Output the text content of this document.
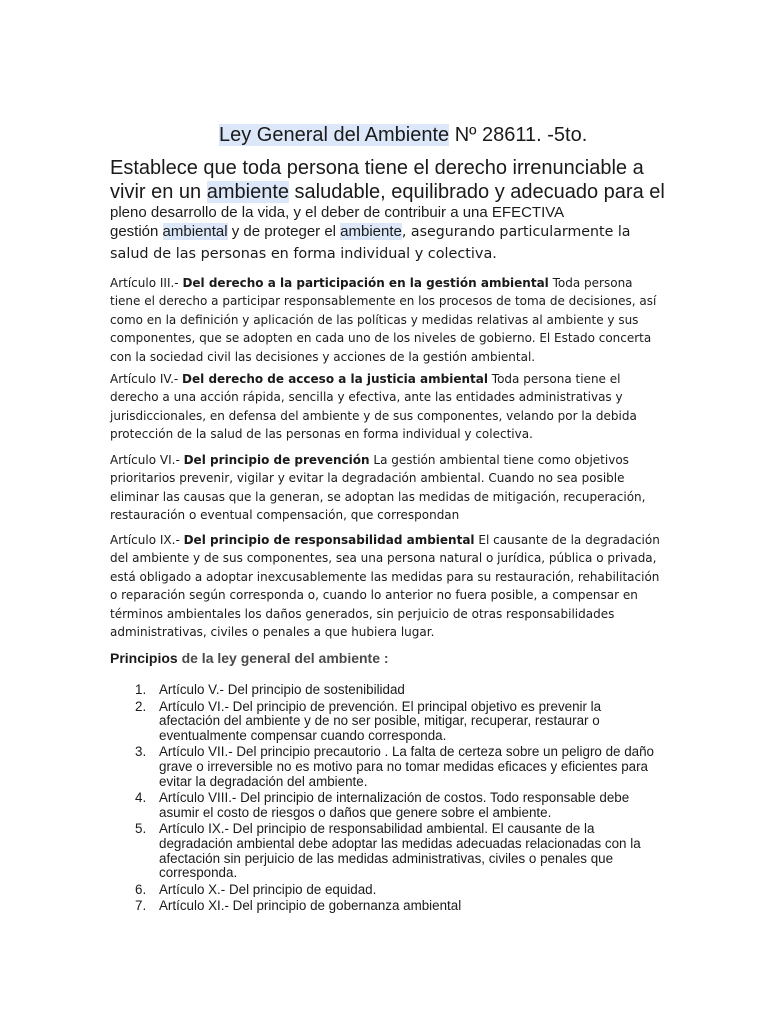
Ley General del Ambiente Nº 28611. -5to.
Establece que toda persona tiene el derecho irrenunciable a
vivir en un ambiente saludable, equilibrado y adecuado para el
pleno desarrollo de la vida, y el deber de contribuir a una EFECTIVA
gestión ambiental y de proteger el ambiente, asegurando particularmente la
salud de las personas en forma individual y colectiva.
Artículo III.- Del derecho a la participación en la gestión ambiental Toda persona tiene el derecho a participar responsablemente en los procesos de toma de decisiones, así como en la definición y aplicación de las políticas y medidas relativas al ambiente y sus componentes, que se adopten en cada uno de los niveles de gobierno. El Estado concerta con la sociedad civil las decisiones y acciones de la gestión ambiental.
Artículo IV.- Del derecho de acceso a la justicia ambiental Toda persona tiene el derecho a una acción rápida, sencilla y efectiva, ante las entidades administrativas y jurisdiccionales, en defensa del ambiente y de sus componentes, velando por la debida protección de la salud de las personas en forma individual y colectiva.
Artículo VI.- Del principio de prevención La gestión ambiental tiene como objetivos prioritarios prevenir, vigilar y evitar la degradación ambiental. Cuando no sea posible eliminar las causas que la generan, se adoptan las medidas de mitigación, recuperación, restauración o eventual compensación, que correspondan
Artículo IX.- Del principio de responsabilidad ambiental El causante de la degradación del ambiente y de sus componentes, sea una persona natural o jurídica, pública o privada, está obligado a adoptar inexcusablemente las medidas para su restauración, rehabilitación o reparación según corresponda o, cuando lo anterior no fuera posible, a compensar en términos ambientales los daños generados, sin perjuicio de otras responsabilidades administrativas, civiles o penales a que hubiera lugar.
Principios de la ley general del ambiente :
1. Artículo V.- Del principio de sostenibilidad
2. Artículo VI.- Del principio de prevención. El principal objetivo es prevenir la afectación del ambiente y de no ser posible, mitigar, recuperar, restaurar o eventualmente compensar cuando corresponda.
3. Artículo VII.- Del principio precautorio . La falta de certeza sobre un peligro de daño grave o irreversible no es motivo para no tomar medidas eficaces y eficientes para evitar la degradación del ambiente.
4. Artículo VIII.- Del principio de internalización de costos. Todo responsable debe asumir el costo de riesgos o daños que genere sobre el ambiente.
5. Artículo IX.- Del principio de responsabilidad ambiental. El causante de la degradación ambiental debe adoptar las medidas adecuadas relacionadas con la afectación sin perjuicio de las medidas administrativas, civiles o penales que corresponda.
6. Artículo X.- Del principio de equidad.
7. Artículo XI.- Del principio de gobernanza ambiental
